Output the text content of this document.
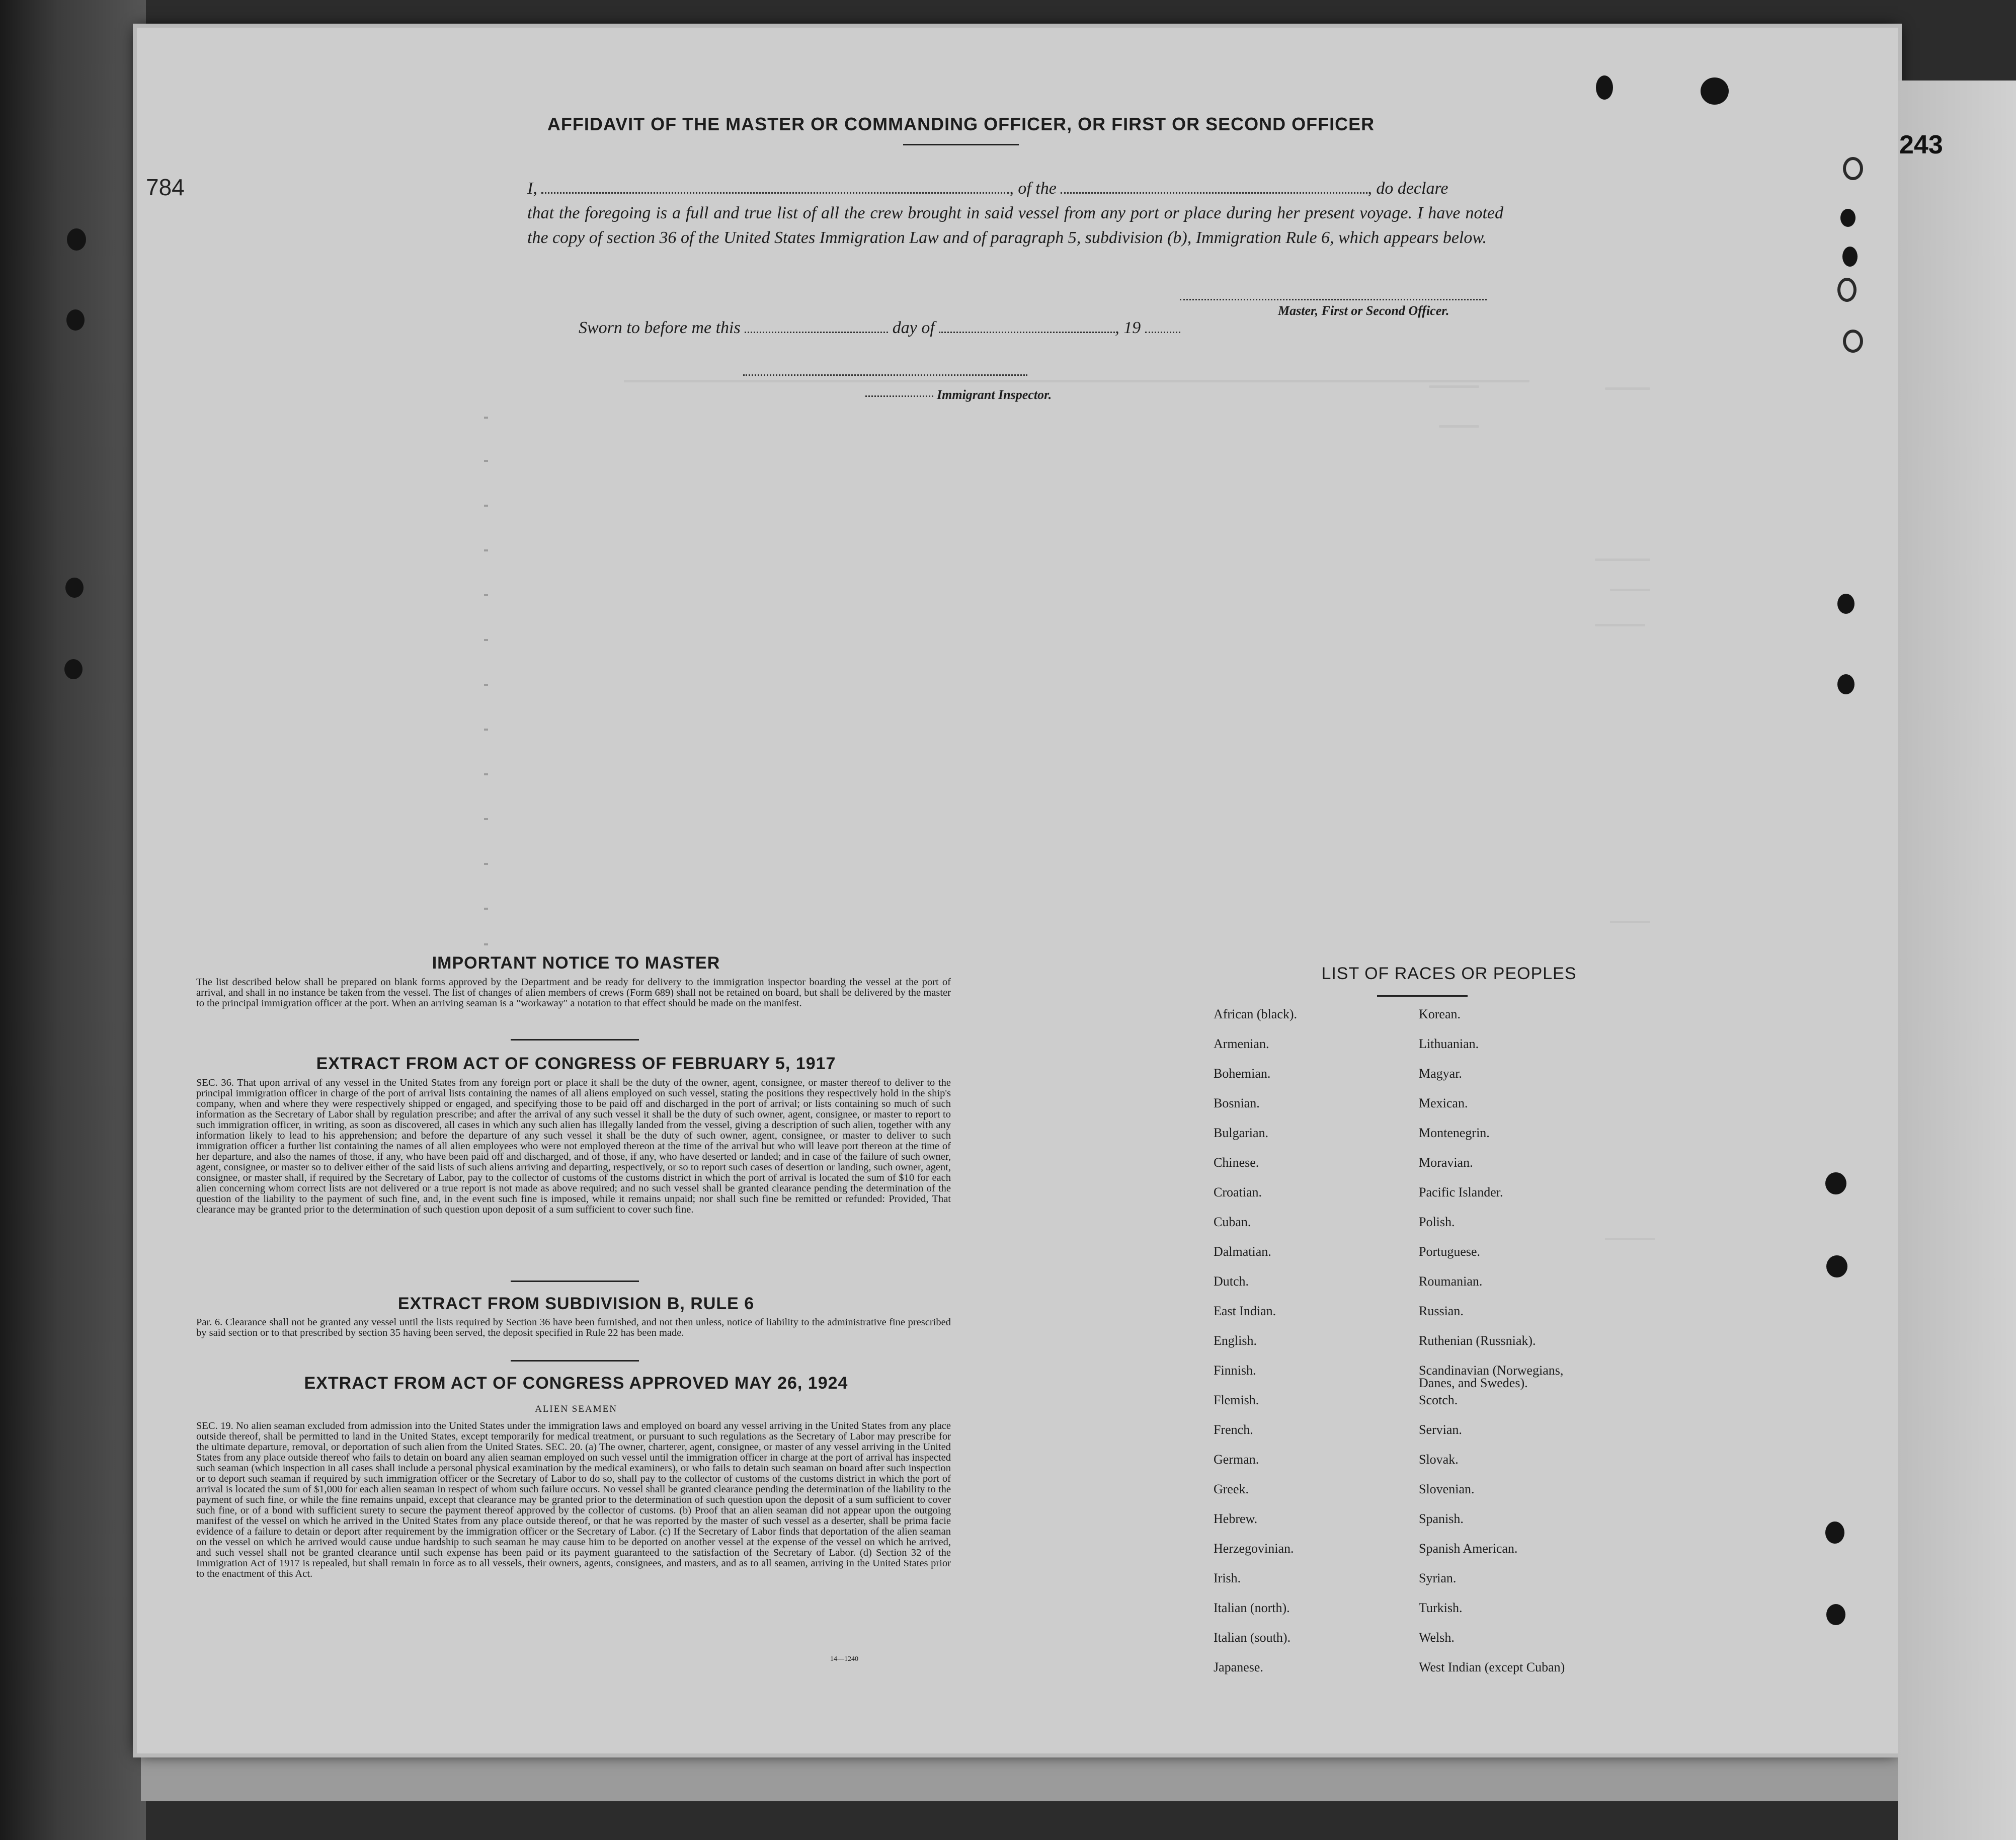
243
784
AFFIDAVIT OF THE MASTER OR COMMANDING OFFICER, OR FIRST OR SECOND OFFICER
I,	, of the	, do declare
that the foregoing is a full and true list of all the crew brought in said vessel from any port or place during her present voyage. I have noted the copy of section 36 of the United States Immigration Law and of paragraph 5, subdivision (b), Immigration Rule 6, which appears below.
Master, First or Second Officer.
Sworn to before me this	day of	, 19
Immigrant Inspector.
IMPORTANT NOTICE TO MASTER
The list described below shall be prepared on blank forms approved by the Department and be ready for delivery to the immigration inspector boarding the vessel at the port of arrival, and shall in no instance be taken from the vessel. The list of changes of alien members of crews (Form 689) shall not be retained on board, but shall be delivered by the master to the principal immigration officer at the port. When an arriving seaman is a "workaway" a notation to that effect should be made on the manifest.
EXTRACT FROM ACT OF CONGRESS OF FEBRUARY 5, 1917
SEC. 36. That upon arrival of any vessel in the United States from any foreign port or place it shall be the duty of the owner, agent, consignee, or master thereof to deliver to the principal immigration officer in charge of the port of arrival lists containing the names of all aliens employed on such vessel, stating the positions they respectively hold in the ship's company, when and where they were respectively shipped or engaged, and specifying those to be paid off and discharged in the port of arrival; or lists containing so much of such information as the Secretary of Labor shall by regulation prescribe; and after the arrival of any such vessel it shall be the duty of such owner, agent, consignee, or master to report to such immigration officer, in writing, as soon as discovered, all cases in which any such alien has illegally landed from the vessel, giving a description of such alien, together with any information likely to lead to his apprehension; and before the departure of any such vessel it shall be the duty of such owner, agent, consignee, or master to deliver to such immigration officer a further list containing the names of all alien employees who were not employed thereon at the time of the arrival but who will leave port thereon at the time of her departure, and also the names of those, if any, who have been paid off and discharged, and of those, if any, who have deserted or landed; and in case of the failure of such owner, agent, consignee, or master so to deliver either of the said lists of such aliens arriving and departing, respectively, or so to report such cases of desertion or landing, such owner, agent, consignee, or master shall, if required by the Secretary of Labor, pay to the collector of customs of the customs district in which the port of arrival is located the sum of $10 for each alien concerning whom correct lists are not delivered or a true report is not made as above required; and no such vessel shall be granted clearance pending the determination of the question of the liability to the payment of such fine, and, in the event such fine is imposed, while it remains unpaid; nor shall such fine be remitted or refunded: Provided, That clearance may be granted prior to the determination of such question upon deposit of a sum sufficient to cover such fine.
EXTRACT FROM SUBDIVISION B, RULE 6
Par. 6. Clearance shall not be granted any vessel until the lists required by Section 36 have been furnished, and not then unless, notice of liability to the administrative fine prescribed by said section or to that prescribed by section 35 having been served, the deposit specified in Rule 22 has been made.
EXTRACT FROM ACT OF CONGRESS APPROVED MAY 26, 1924
ALIEN SEAMEN
SEC. 19. No alien seaman excluded from admission into the United States under the immigration laws and employed on board any vessel arriving in the United States from any place outside thereof, shall be permitted to land in the United States, except temporarily for medical treatment, or pursuant to such regulations as the Secretary of Labor may prescribe for the ultimate departure, removal, or deportation of such alien from the United States. SEC. 20. (a) The owner, charterer, agent, consignee, or master of any vessel arriving in the United States from any place outside thereof who fails to detain on board any alien seaman employed on such vessel until the immigration officer in charge at the port of arrival has inspected such seaman (which inspection in all cases shall include a personal physical examination by the medical examiners), or who fails to detain such seaman on board after such inspection or to deport such seaman if required by such immigration officer or the Secretary of Labor to do so, shall pay to the collector of customs of the customs district in which the port of arrival is located the sum of $1,000 for each alien seaman in respect of whom such failure occurs. No vessel shall be granted clearance pending the determination of the liability to the payment of such fine, or while the fine remains unpaid, except that clearance may be granted prior to the determination of such question upon the deposit of a sum sufficient to cover such fine, or of a bond with sufficient surety to secure the payment thereof approved by the collector of customs. (b) Proof that an alien seaman did not appear upon the outgoing manifest of the vessel on which he arrived in the United States from any place outside thereof, or that he was reported by the master of such vessel as a deserter, shall be prima facie evidence of a failure to detain or deport after requirement by the immigration officer or the Secretary of Labor. (c) If the Secretary of Labor finds that deportation of the alien seaman on the vessel on which he arrived would cause undue hardship to such seaman he may cause him to be deported on another vessel at the expense of the vessel on which he arrived, and such vessel shall not be granted clearance until such expense has been paid or its payment guaranteed to the satisfaction of the Secretary of Labor. (d) Section 32 of the Immigration Act of 1917 is repealed, but shall remain in force as to all vessels, their owners, agents, consignees, and masters, and as to all seamen, arriving in the United States prior to the enactment of this Act.
14—1240
LIST OF RACES OR PEOPLES
African (black).
Armenian.
Bohemian.
Bosnian.
Bulgarian.
Chinese.
Croatian.
Cuban.
Dalmatian.
Dutch.
East Indian.
English.
Finnish.
Flemish.
French.
German.
Greek.
Hebrew.
Herzegovinian.
Irish.
Italian (north).
Italian (south).
Japanese.
Korean.
Lithuanian.
Magyar.
Mexican.
Montenegrin.
Moravian.
Pacific Islander.
Polish.
Portuguese.
Roumanian.
Russian.
Ruthenian (Russniak).
Scandinavian (Norwegians, Danes, and Swedes).
Scotch.
Servian.
Slovak.
Slovenian.
Spanish.
Spanish American.
Syrian.
Turkish.
Welsh.
West Indian (except Cuban)
